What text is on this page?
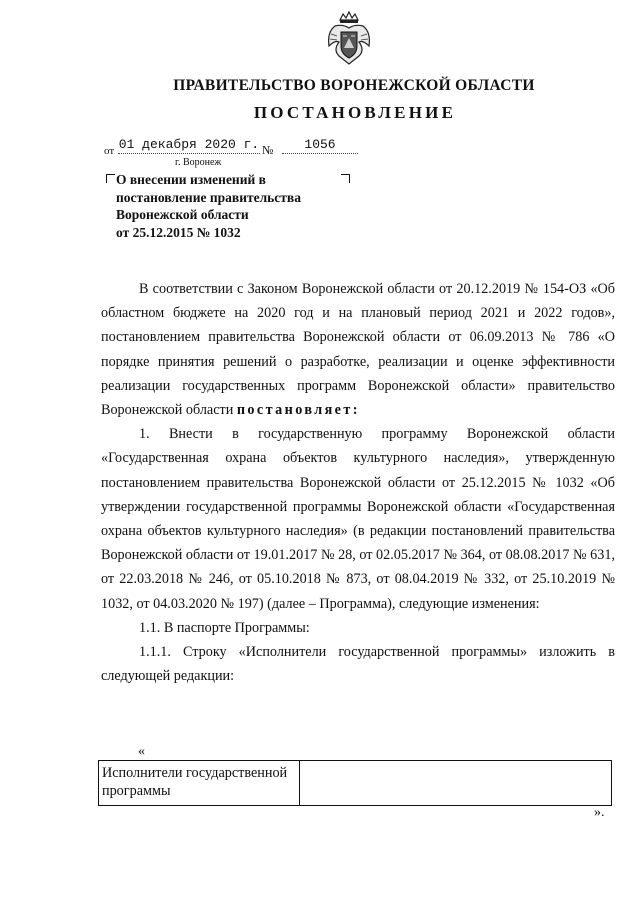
ПРАВИТЕЛЬСТВО ВОРОНЕЖСКОЙ ОБЛАСТИ
ПОСТАНОВЛЕНИЕ
от 01 декабря 2020 г. №	1056
г. Воронеж
О внесении изменений в
постановление правительства
Воронежской области
от 25.12.2015 № 1032

В соответствии с Законом Воронежской области от 20.12.2019 № 154-ОЗ «Об областном бюджете на 2020 год и на плановый период 2021 и 2022 годов», постановлением правительства Воронежской области от 06.09.2013 № 786 «О порядке принятия решений о разработке, реализации и оценке эффективности реализации государственных программ Воронежской области» правительство Воронежской области постановляет:

1. Внести в государственную программу Воронежской области «Государственная охрана объектов культурного наследия», утвержденную постановлением правительства Воронежской области от 25.12.2015 № 1032 «Об утверждении государственной программы Воронежской области «Государственная охрана объектов культурного наследия» (в редакции постановлений правительства Воронежской области от 19.01.2017 № 28, от 02.05.2017 № 364, от 08.08.2017 № 631, от 22.03.2018 № 246, от 05.10.2018 № 873, от 08.04.2019 № 332, от 25.10.2019 № 1032, от 04.03.2020 № 197) (далее – Программа), следующие изменения:

1.1. В паспорте Программы:

1.1.1. Строку «Исполнители государственной программы» изложить в следующей редакции:

«
Исполнители государственной программы	
».
